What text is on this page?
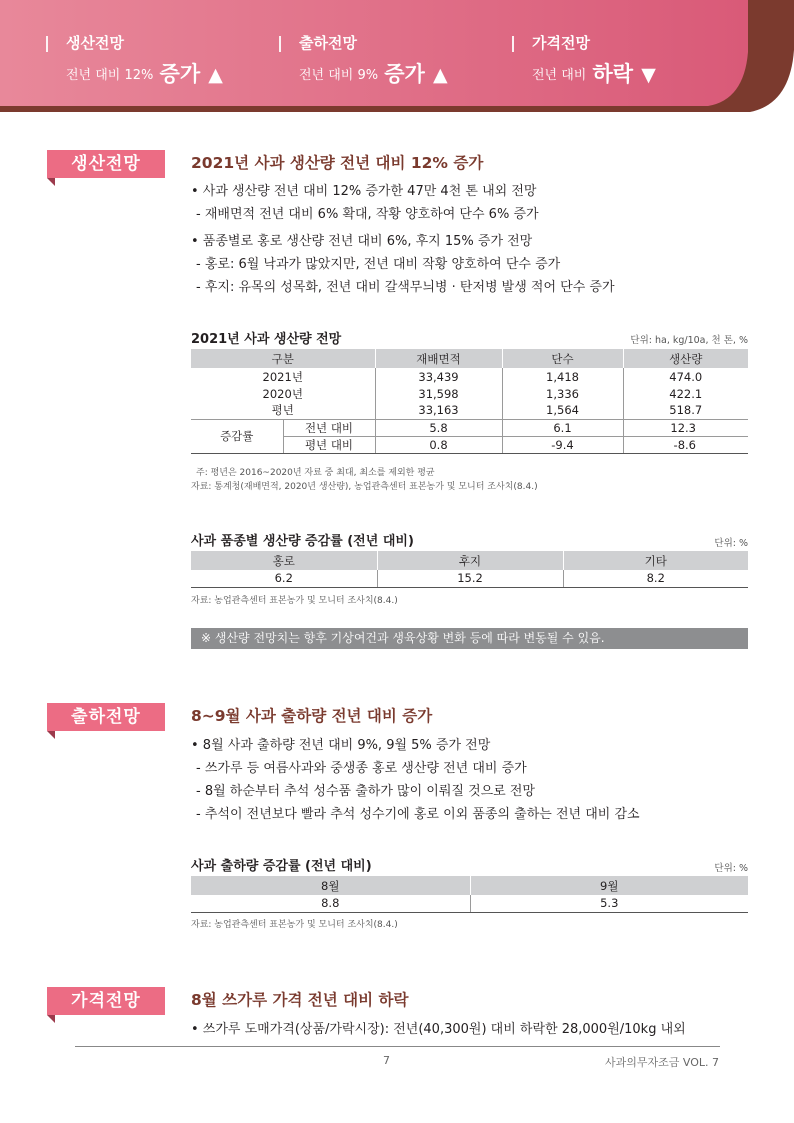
생산전망
전년 대비 12% 증가 ▲
출하전망
전년 대비 9% 증가 ▲
가격전망
전년 대비 하락 ▼
생산전망	2021년 사과 생산량 전년 대비 12% 증가
• 사과 생산량 전년 대비 12% 증가한 47만 4천 톤 내외 전망
- 재배면적 전년 대비 6% 확대, 작황 양호하여 단수 6% 증가
• 품종별로 홍로 생산량 전년 대비 6%, 후지 15% 증가 전망
- 홍로: 6월 낙과가 많았지만, 전년 대비 작황 양호하여 단수 증가
- 후지: 유목의 성목화, 전년 대비 갈색무늬병 · 탄저병 발생 적어 단수 증가
2021년 사과 생산량 전망	단위: ha, kg/10a, 천 톤, %
구분		재배면적	단수	생산량
2021년		33,439	1,418	474.0
2020년		31,598	1,336	422.1
평년		33,163	1,564	518.7
증감률	전년 대비	5.8	6.1	12.3
	평년 대비	0.8	-9.4	-8.6
주: 평년은 2016~2020년 자료 중 최대, 최소를 제외한 평균
자료: 통계청(재배면적, 2020년 생산량), 농업관측센터 표본농가 및 모니터 조사치(8.4.)
사과 품종별 생산량 증감률 (전년 대비)	단위: %
홍로	후지	기타
6.2	15.2	8.2
자료: 농업관측센터 표본농가 및 모니터 조사치(8.4.)
※ 생산량 전망치는 향후 기상여건과 생육상황 변화 등에 따라 변동될 수 있음.
출하전망	8~9월 사과 출하량 전년 대비 증가
• 8월 사과 출하량 전년 대비 9%, 9월 5% 증가 전망
- 쓰가루 등 여름사과와 중생종 홍로 생산량 전년 대비 증가
- 8월 하순부터 추석 성수품 출하가 많이 이뤄질 것으로 전망
- 추석이 전년보다 빨라 추석 성수기에 홍로 이외 품종의 출하는 전년 대비 감소
사과 출하량 증감률 (전년 대비)	단위: %
8월	9월
8.8	5.3
자료: 농업관측센터 표본농가 및 모니터 조사치(8.4.)
가격전망	8월 쓰가루 가격 전년 대비 하락
• 쓰가루 도매가격(상품/가락시장): 전년(40,300원) 대비 하락한 28,000원/10kg 내외
7	사과의무자조금 VOL. 7
